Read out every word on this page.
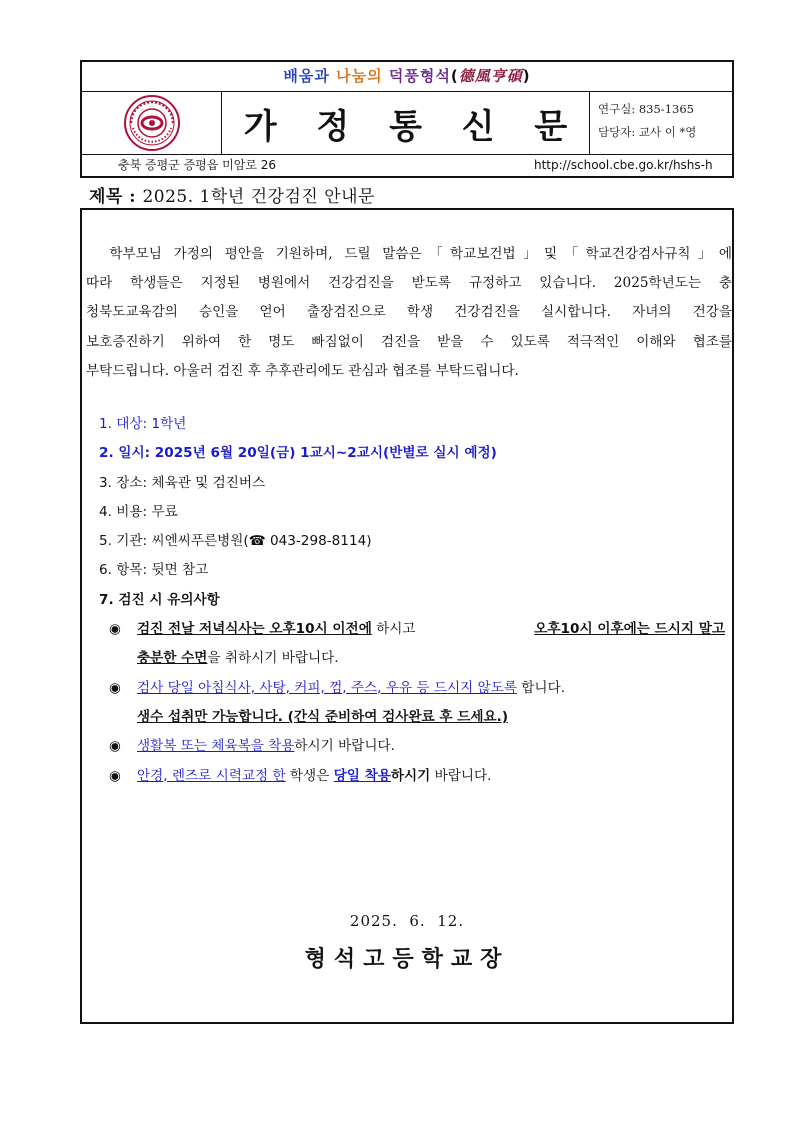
배움과 나눔의 덕풍형석(德風亨碩)
가 정 통 신 문	연구실: 835-1365
담당자: 교사 이 *영
충북 증평군 증평읍 미암로 26	http://school.cbe.go.kr/hshs-h
제목 : 2025. 1학년 건강검진 안내문
학부모님 가정의 평안을 기원하며, 드릴 말씀은「학교보건법」및「학교건강검사규칙」에
따라 학생들은 지정된 병원에서 건강검진을 받도록 규정하고 있습니다. 2025학년도는 충
청북도교육감의 승인을 얻어 출장검진으로 학생 건강검진을 실시합니다. 자녀의 건강을
보호증진하기 위하여 한 명도 빠짐없이 검진을 받을 수 있도록 적극적인 이해와 협조를
부탁드립니다. 아울러 검진 후 추후관리에도 관심과 협조를 부탁드립니다.
1. 대상: 1학년
2. 일시: 2025년 6월 20일(금) 1교시∼2교시(반별로 실시 예정)
3. 장소: 체육관 및 검진버스
4. 비용: 무료
5. 기관: 씨엔씨푸른병원(☎ 043-298-8114)
6. 항목: 뒷면 참고
7. 검진 시 유의사항
◉ 검진 전날 저녁식사는 오후10시 이전에 하시고	오후10시 이후에는 드시지 말고
충분한 수면을 취하시기 바랍니다.
◉ 검사 당일 아침식사, 사탕, 커피, 껌, 주스, 우유 등 드시지 않도록 합니다.
생수 섭취만 가능합니다. (간식 준비하여 검사완료 후 드세요.)
◉ 생활복 또는 체육복을 착용하시기 바랍니다.
◉ 안경, 렌즈로 시력교정 한 학생은 당일 착용하시기 바랍니다.
2025.  6.  12.
형석고등학교장
